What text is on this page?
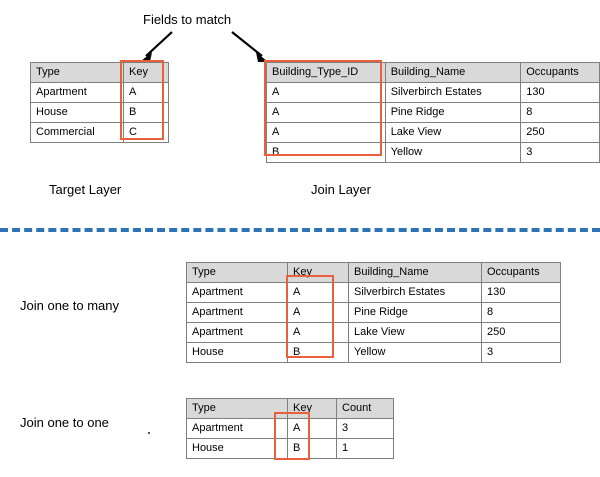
Fields to match
Type	Key
Apartment	A
House	B
Commercial	C
Target Layer
Building_Type_ID	Building_Name	Occupants
A	Silverbirch Estates	130
A	Pine Ridge	8
A	Lake View	250
B	Yellow	3
Join Layer
Join one to many
Type	Key	Building_Name	Occupants
Apartment	A	Silverbirch Estates	130
Apartment	A	Pine Ridge	8
Apartment	A	Lake View	250
House	B	Yellow	3
Join one to one
Type	Key	Count
Apartment	A	3
House	B	1
